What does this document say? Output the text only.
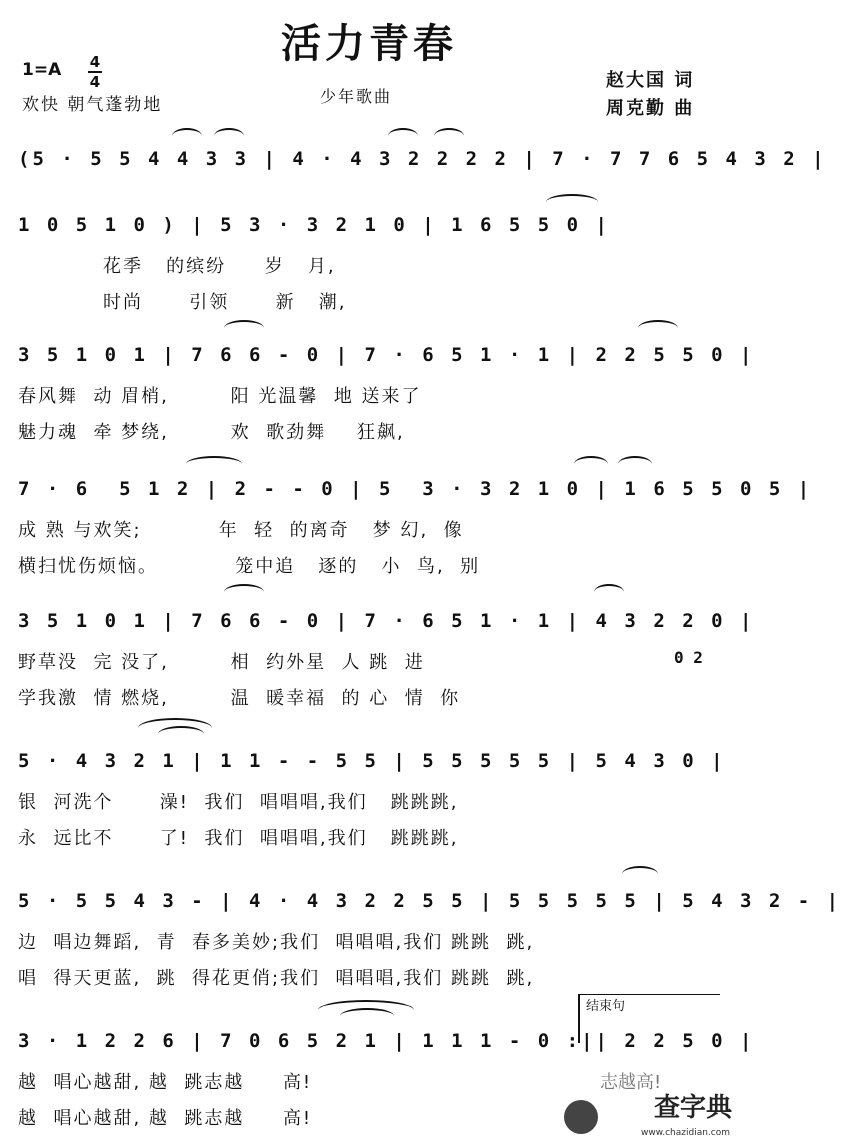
活力青春
1=A 4
4
欢快 朝气蓬勃地	少年歌曲
赵大国 词
周克勤 曲
(5 · 5 5 4 4 3 3 | 4 · 4 3 2 2 2 2 | 7 · 7 7 6 5 4 3 2 |
1 0 5 1 0 ) | 5 3 · 3 2 1 0 | 1 6 5 5 0 |
花季   的缤纷     岁   月,
时尚      引领      新   潮,
3 5 1 0 1 | 7 6 6 - 0 | 7 · 6 5 1 · 1 | 2 2 5 5 0 |
春风舞  动 眉梢,        阳 光温馨  地 送来了
魅力魂  牵 梦绕,        欢  歌劲舞    狂飙,
7 · 6  5 1 2 | 2 - - 0 | 5  3 · 3 2 1 0 | 1 6 5 5 0 5 |
成 熟 与欢笑;          年  轻  的离奇   梦 幻,  像
横扫忧伤烦恼。          笼中追   逐的   小  鸟,  别
3 5 1 0 1 | 7 6 6 - 0 | 7 · 6 5 1 · 1 | 4 3 2 2 0 |
野草没  完 没了,        相  约外星  人 跳  进
学我激  情 燃烧,        温  暖幸福  的 心  情  你
0 2
5 · 4 3 2 1 | 1 1 - - 5 5 | 5 5 5 5 5 | 5 4 3 0 |
银  河洗个      澡!  我们  唱唱唱,我们   跳跳跳,
永  远比不      了!  我们  唱唱唱,我们   跳跳跳,
5 · 5 5 4 3 - | 4 · 4 3 2 2 5 5 | 5 5 5 5 5 | 5 4 3 2 - |
边  唱边舞蹈,  青  春多美妙;我们  唱唱唱,我们 跳跳  跳,
唱  得天更蓝,  跳  得花更俏;我们  唱唱唱,我们 跳跳  跳,
3 · 1 2 2 6 | 7 0 6 5 2 1 | 1 1 1 - 0 :|| 2 2 5 0 |
越  唱心越甜, 越  跳志越     高!
越  唱心越甜, 越  跳志越     高!
结束句
志越高!
查字典
www.chazidian.com
